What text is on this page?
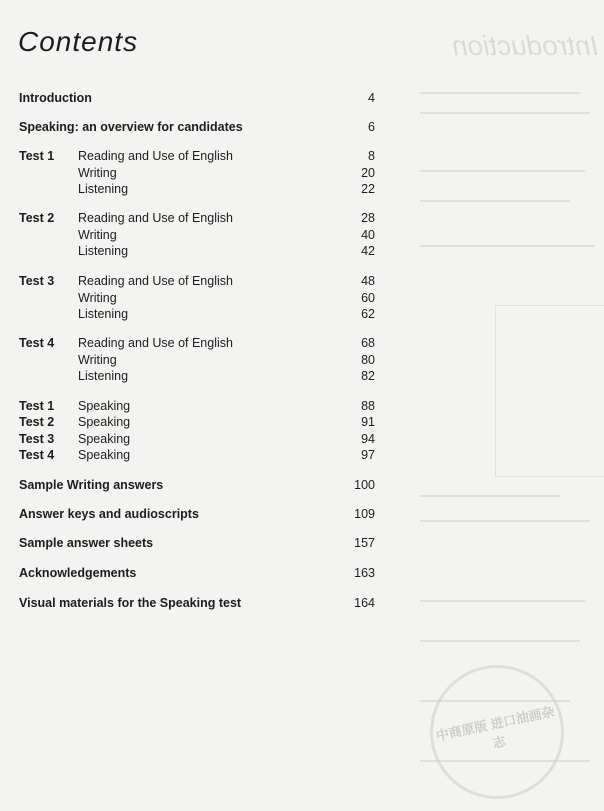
Introduction
Contents
Introduction	4
Speaking: an overview for candidates	6
Test 1 Reading and Use of English	8
Writing	20
Listening	22
Test 2 Reading and Use of English	28
Writing	40
Listening	42
Test 3 Reading and Use of English	48
Writing	60
Listening	62
Test 4 Reading and Use of English	68
Writing	80
Listening	82
Test 1 Speaking	88
Test 2 Speaking	91
Test 3 Speaking	94
Test 4 Speaking	97
Sample Writing answers	100
Answer keys and audioscripts	109
Sample answer sheets	157
Acknowledgements	163
Visual materials for the Speaking test	164
中商原版 进口油画杂志
